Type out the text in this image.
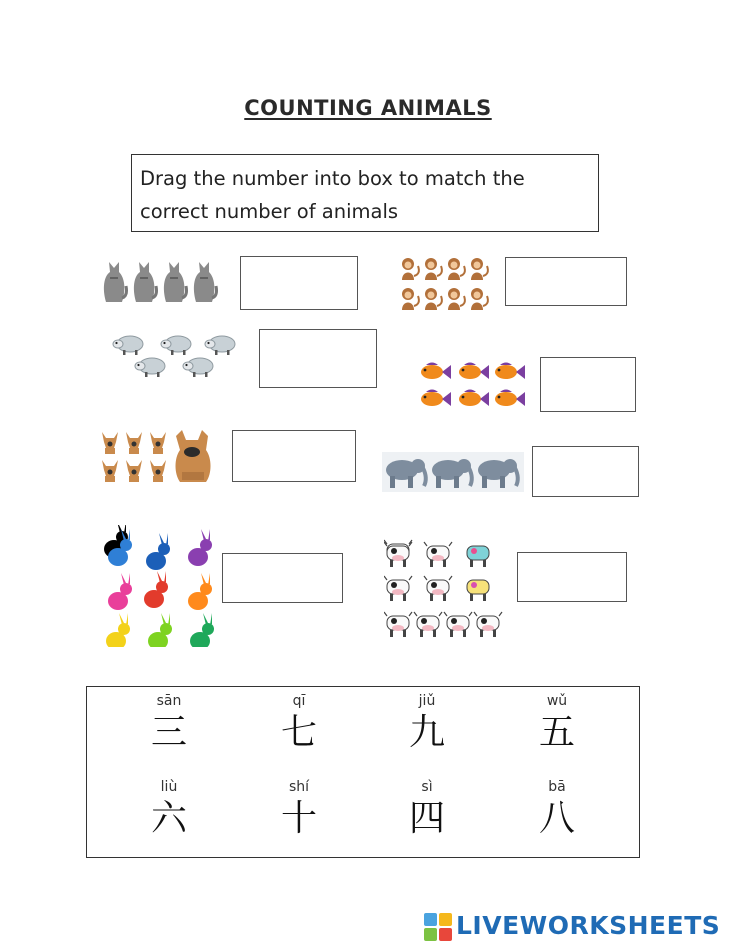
COUNTING ANIMALS
Drag the number into box to match the correct number of animals
sān
三
qī
七
jiǔ
九
wǔ
五
liù
六
shí
十
sì
四
bā
八
LIVEWORKSHEETS
